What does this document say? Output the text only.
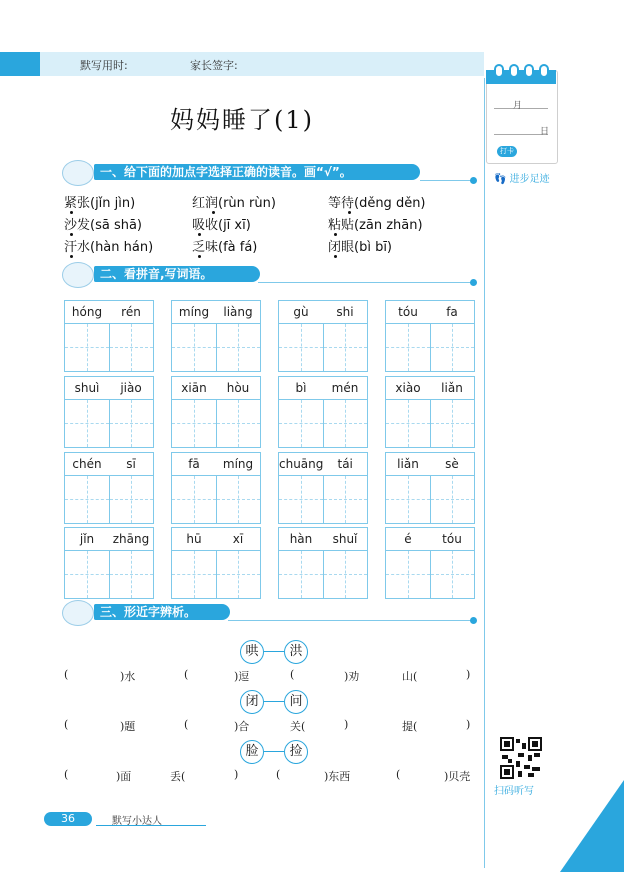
默写用时:	家长签字:
月
日
打卡
👣 进步足迹
妈妈睡了(1)
一、给下面的加点字选择正确的读音。画“√”。
紧张(jǐn jìn)	红润(rùn rùn)	等待(děng děn)
沙发(sā shā)	吸收(jī xī)	粘贴(zān zhān)
汗水(hàn hán)	乏味(fà fá)	闭眼(bì bī)
二、看拼音,写词语。
hóng	rén	míng	liàng	gù	shi	tóu	fa
shuì	jiào	xiān	hòu	bì	mén	xiào	liǎn
chén	sī	fā	míng	chuāng	tái	liǎn	sè
jǐn	zhāng	hū	xī	hàn	shuǐ	é	tóu
三、形近字辨析。
哄	洪
(	)水	(	)逗	(	)劝	山(	)
闭	问
(	)题	(	)合	关(	)	提(	)
脸	捡
(	)面	丢(	)	(	)东西	(	)贝壳
扫码听写
36	默写小达人
